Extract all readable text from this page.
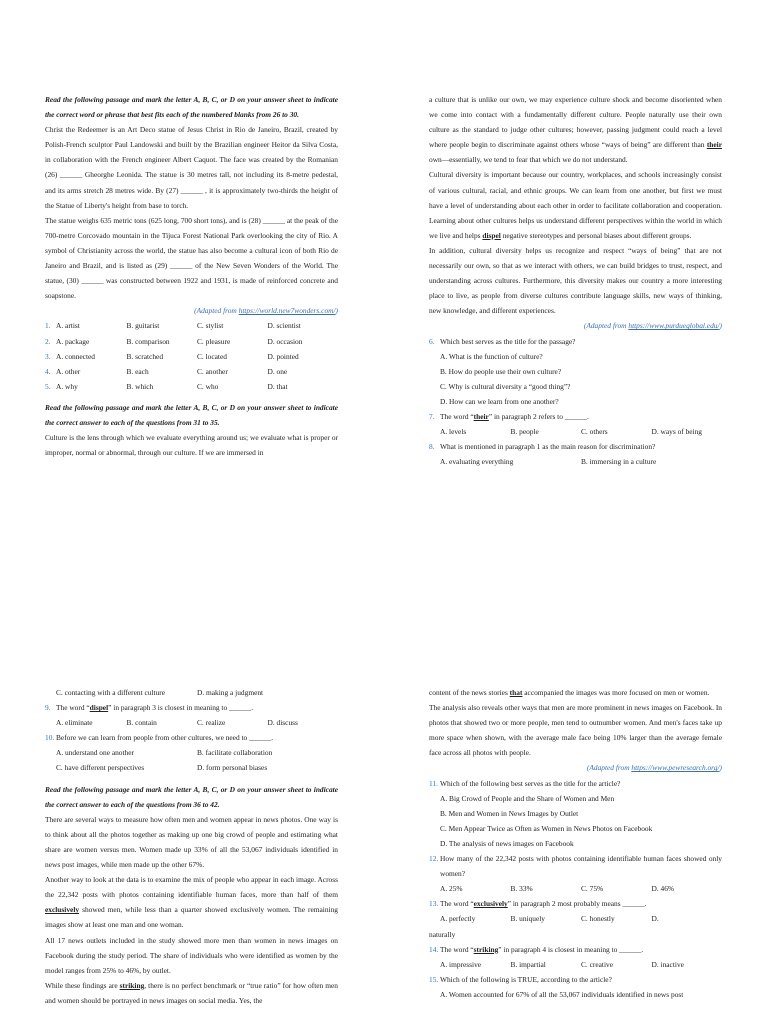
Read the following passage and mark the letter A, B, C, or D on your answer sheet to indicate the correct word or phrase that best fits each of the numbered blanks from 26 to 30.

Christ the Redeemer is an Art Deco statue of Jesus Christ in Rio de Janeiro, Brazil, created by Polish-French sculptor Paul Landowski and built by the Brazilian engineer Heitor da Silva Costa, in collaboration with the French engineer Albert Caquot. The face was created by the Romanian (26) ______ Gheorghe Leonida. The statue is 30 metres tall, not including its 8-metre pedestal, and its arms stretch 28 metres wide. By (27) ______ , it is approximately two-thirds the height of the Statue of Liberty's height from base to torch.

The statue weighs 635 metric tons (625 long, 700 short tons), and is (28) ______ at the peak of the 700-metre Corcovado mountain in the Tijuca Forest National Park overlooking the city of Rio. A symbol of Christianity across the world, the statue has also become a cultural icon of both Rio de Janeiro and Brazil, and is listed as (29) ______ of the New Seven Wonders of the World. The statue, (30) ______ was constructed between 1922 and 1931, is made of reinforced concrete and soapstone.

(Adapted from https://world.new7wonders.com/)

1. A. artist	B. guitarist	C. stylist	D. scientist
2. A. package	B. comparison	C. pleasure	D. occasion
3. A. connected	B. scratched	C. located	D. pointed
4. A. other	B. each	C. another	D. one
5. A. why	B. which	C. who	D. that

Read the following passage and mark the letter A, B, C, or D on your answer sheet to indicate the correct answer to each of the questions from 31 to 35.

Culture is the lens through which we evaluate everything around us; we evaluate what is proper or improper, normal or abnormal, through our culture. If we are immersed in

a culture that is unlike our own, we may experience culture shock and become disoriented when we come into contact with a fundamentally different culture. People naturally use their own culture as the standard to judge other cultures; however, passing judgment could reach a level where people begin to discriminate against others whose “ways of being” are different than their own—essentially, we tend to fear that which we do not understand.

Cultural diversity is important because our country, workplaces, and schools increasingly consist of various cultural, racial, and ethnic groups. We can learn from one another, but first we must have a level of understanding about each other in order to facilitate collaboration and cooperation. Learning about other cultures helps us understand different perspectives within the world in which we live and helps dispel negative stereotypes and personal biases about different groups.

In addition, cultural diversity helps us recognize and respect “ways of being” that are not necessarily our own, so that as we interact with others, we can build bridges to trust, respect, and understanding across cultures. Furthermore, this diversity makes our country a more interesting place to live, as people from diverse cultures contribute language skills, new ways of thinking, new knowledge, and different experiences.

(Adapted from https://www.purdueglobal.edu/)

6. Which best serves as the title for the passage?
A. What is the function of culture?
B. How do people use their own culture?
C. Why is cultural diversity a “good thing”?
D. How can we learn from one another?
7. The word “their” in paragraph 2 refers to ______.
A. levels	B. people	C. others	D. ways of being
8. What is mentioned in paragraph 1 as the main reason for discrimination?
A. evaluating everything	B. immersing in a culture
C. contacting with a different culture	D. making a judgment
9. The word “dispel” in paragraph 3 is closest in meaning to ______.
A. eliminate	B. contain	C. realize	D. discuss
10. Before we can learn from people from other cultures, we need to ______.
A. understand one another	B. facilitate collaboration
C. have different perspectives	D. form personal biases

Read the following passage and mark the letter A, B, C, or D on your answer sheet to indicate the correct answer to each of the questions from 36 to 42.

There are several ways to measure how often men and women appear in news photos. One way is to think about all the photos together as making up one big crowd of people and estimating what share are women versus men. Women made up 33% of all the 53,067 individuals identified in news post images, while men made up the other 67%.

Another way to look at the data is to examine the mix of people who appear in each image. Across the 22,342 posts with photos containing identifiable human faces, more than half of them exclusively showed men, while less than a quarter showed exclusively women. The remaining images show at least one man and one woman.

All 17 news outlets included in the study showed more men than women in news images on Facebook during the study period. The share of individuals who were identified as women by the model ranges from 25% to 46%, by outlet.

While these findings are striking, there is no perfect benchmark or “true ratio” for how often men and women should be portrayed in news images on social media. Yes, the

content of the news stories that accompanied the images was more focused on men or women.

The analysis also reveals other ways that men are more prominent in news images on Facebook. In photos that showed two or more people, men tend to outnumber women. And men's faces take up more space when shown, with the average male face being 10% larger than the average female face across all photos with people.

(Adapted from https://www.pewresearch.org/)

11. Which of the following best serves as the title for the article?
A. Big Crowd of People and the Share of Women and Men
B. Men and Women in News Images by Outlet
C. Men Appear Twice as Often as Women in News Photos on Facebook
D. The analysis of news images on Facebook
12. How many of the 22,342 posts with photos containing identifiable human faces showed only women?

A. 25%	B. 33%	C. 75%	D. 46%
13. The word “exclusively” in paragraph 2 most probably means ______.
A. perfectly	B. uniquely	C. honestly	D.
naturally
14. The word “striking” in paragraph 4 is closest in meaning to ______.
A. impressive	B. impartial	C. creative	D. inactive
15. Which of the following is TRUE, according to the article?
A. Women accounted for 67% of all the 53,067 individuals identified in news post
